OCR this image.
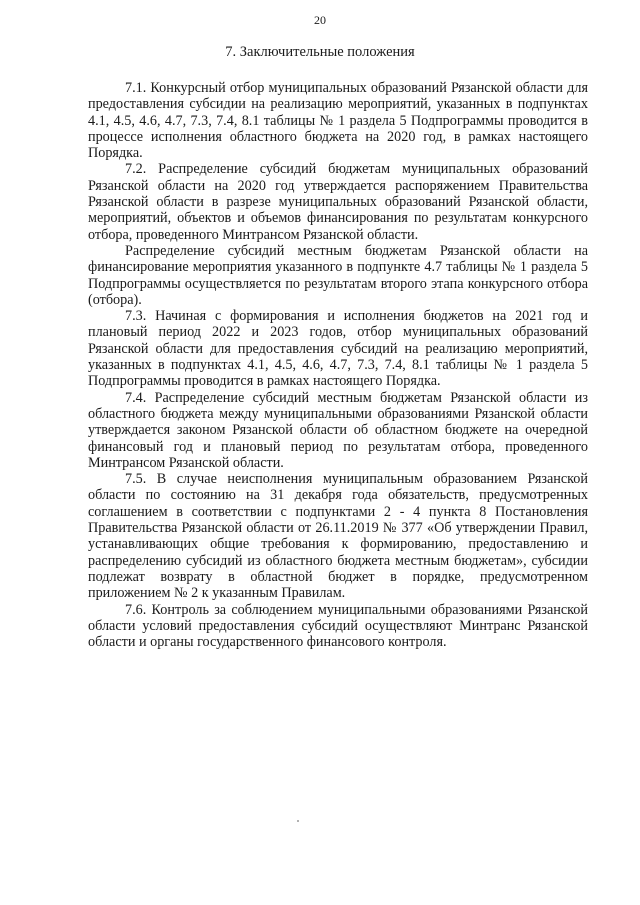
20
7. Заключительные положения

7.1. Конкурсный отбор муниципальных образований Рязанской области для предоставления субсидии на реализацию мероприятий, указанных в подпунктах 4.1, 4.5, 4.6, 4.7, 7.3, 7.4, 8.1 таблицы № 1 раздела 5 Подпрограммы проводится в процессе исполнения областного бюджета на 2020 год, в рамках настоящего Порядка.

7.2. Распределение субсидий бюджетам муниципальных образований Рязанской области на 2020 год утверждается распоряжением Правительства Рязанской области в разрезе муниципальных образований Рязанской области, мероприятий, объектов и объемов финансирования по результатам конкурсного отбора, проведенного Минтрансом Рязанской области.

Распределение субсидий местным бюджетам Рязанской области на финансирование мероприятия указанного в подпункте 4.7 таблицы № 1 раздела 5 Подпрограммы осуществляется по результатам второго этапа конкурсного отбора (отбора).

7.3. Начиная с формирования и исполнения бюджетов на 2021 год и плановый период 2022 и 2023 годов, отбор муниципальных образований Рязанской области для предоставления субсидий на реализацию мероприятий, указанных в подпунктах 4.1, 4.5, 4.6, 4.7, 7.3, 7.4, 8.1 таблицы № 1 раздела 5 Подпрограммы проводится в рамках настоящего Порядка.

7.4. Распределение субсидий местным бюджетам Рязанской области из областного бюджета между муниципальными образованиями Рязанской области утверждается законом Рязанской области об областном бюджете на очередной финансовый год и плановый период по результатам отбора, проведенного Минтрансом Рязанской области.

7.5. В случае неисполнения муниципальным образованием Рязанской области по состоянию на 31 декабря года обязательств, предусмотренных соглашением в соответствии с подпунктами 2 - 4 пункта 8 Постановления Правительства Рязанской области от 26.11.2019 № 377 «Об утверждении Правил, устанавливающих общие требования к формированию, предоставлению и распределению субсидий из областного бюджета местным бюджетам», субсидии подлежат возврату в областной бюджет в порядке, предусмотренном приложением № 2 к указанным Правилам.

7.6. Контроль за соблюдением муниципальными образованиями Рязанской области условий предоставления субсидий осуществляют Минтранс Рязанской области и органы государственного финансового контроля.
